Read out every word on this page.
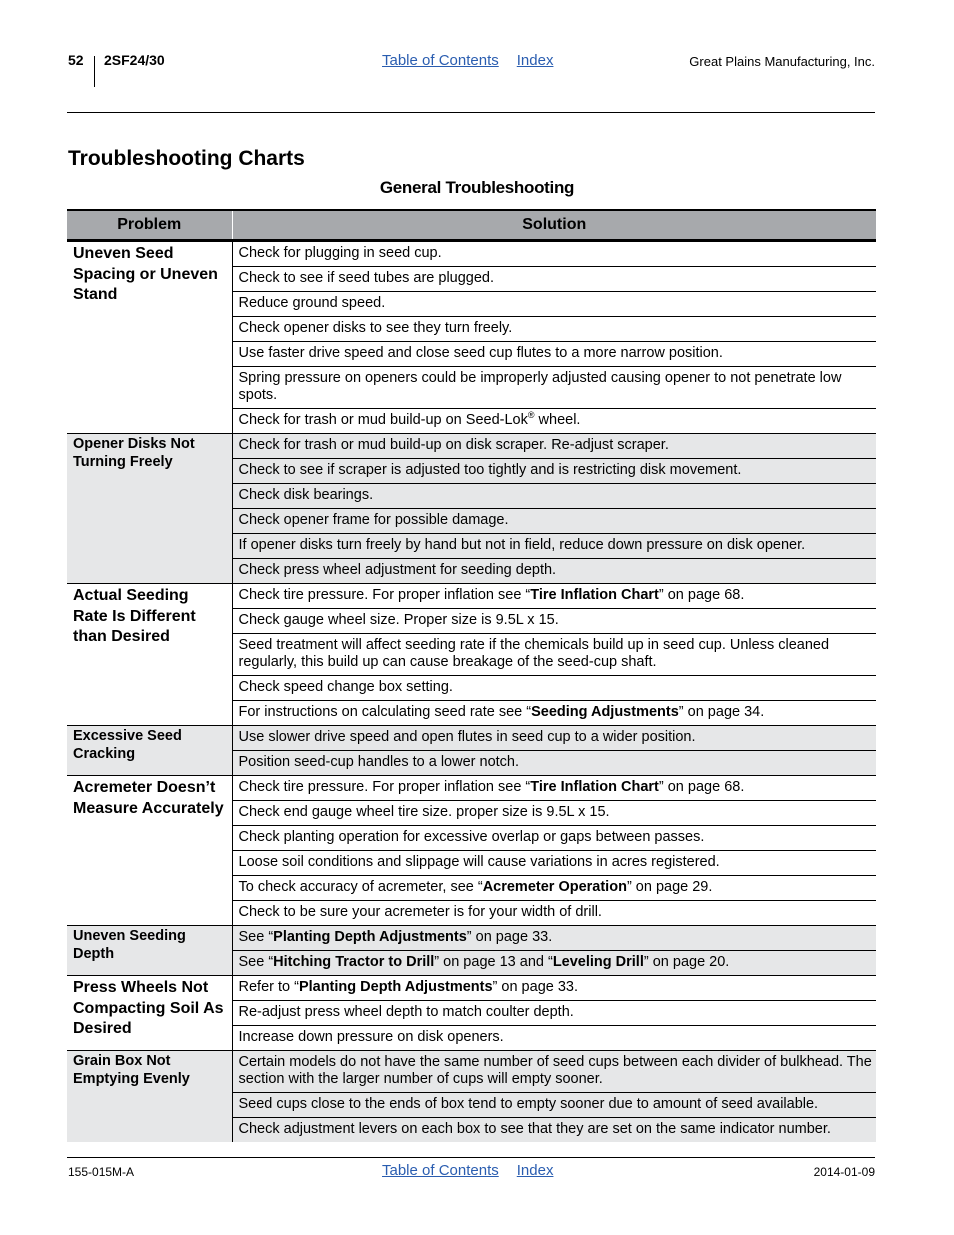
52 2SF24/30	Table of Contents Index	Great Plains Manufacturing, Inc.
Troubleshooting Charts
General Troubleshooting
Problem	Solution
Uneven Seed Spacing or Uneven Stand	Check for plugging in seed cup.
	Check to see if seed tubes are plugged.
	Reduce ground speed.
	Check opener disks to see they turn freely.
	Use faster drive speed and close seed cup flutes to a more narrow position.
	Spring pressure on openers could be improperly adjusted causing opener to not penetrate low spots.
	Check for trash or mud build-up on Seed-Lok® wheel.
Opener Disks Not Turning Freely	Check for trash or mud build-up on disk scraper. Re-adjust scraper.
	Check to see if scraper is adjusted too tightly and is restricting disk movement.
	Check disk bearings.
	Check opener frame for possible damage.
	If opener disks turn freely by hand but not in field, reduce down pressure on disk opener.
	Check press wheel adjustment for seeding depth.
Actual Seeding Rate Is Different than Desired	Check tire pressure. For proper inflation see “Tire Inflation Chart” on page 68.
	Check gauge wheel size. Proper size is 9.5L x 15.
	Seed treatment will affect seeding rate if the chemicals build up in seed cup. Unless cleaned regularly, this build up can cause breakage of the seed-cup shaft.
	Check speed change box setting.
	For instructions on calculating seed rate see “Seeding Adjustments” on page 34.
Excessive Seed Cracking	Use slower drive speed and open flutes in seed cup to a wider position.
	Position seed-cup handles to a lower notch.
Acremeter Doesn’t Measure Accurately	Check tire pressure. For proper inflation see “Tire Inflation Chart” on page 68.
	Check end gauge wheel tire size. proper size is 9.5L x 15.
	Check planting operation for excessive overlap or gaps between passes.
	Loose soil conditions and slippage will cause variations in acres registered.
	To check accuracy of acremeter, see “Acremeter Operation” on page 29.
	Check to be sure your acremeter is for your width of drill.
Uneven Seeding Depth	See “Planting Depth Adjustments” on page 33.
	See “Hitching Tractor to Drill” on page 13 and “Leveling Drill” on page 20.
Press Wheels Not Compacting Soil As Desired	Refer to “Planting Depth Adjustments” on page 33.
	Re-adjust press wheel depth to match coulter depth.
	Increase down pressure on disk openers.
Grain Box Not Emptying Evenly	Certain models do not have the same number of seed cups between each divider of bulkhead. The section with the larger number of cups will empty sooner.
	Seed cups close to the ends of box tend to empty sooner due to amount of seed available.
	Check adjustment levers on each box to see that they are set on the same indicator number.
155-015M-A	Table of Contents Index	2014-01-09
